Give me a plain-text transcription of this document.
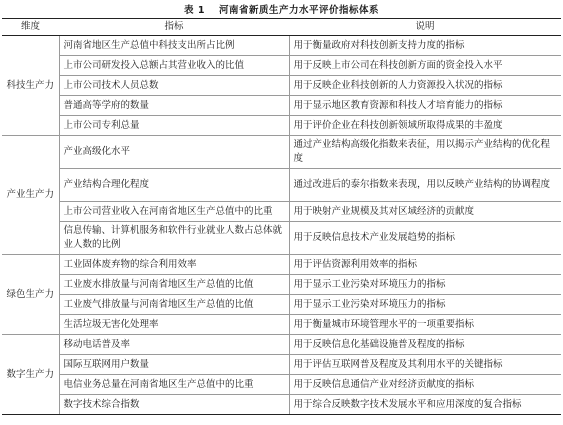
表 1 河南省新质生产力水平评价指标体系
维度	指标	说明
科技生产力	河南省地区生产总值中科技支出所占比例	用于衡量政府对科技创新支持力度的指标
	上市公司研发投入总额占其营业收入的比值	用于反映上市公司在科技创新方面的资金投入水平
	上市公司技术人员总数	用于反映企业科技创新的人力资源投入状况的指标
	普通高等学府的数量	用于显示地区教育资源和科技人才培育能力的指标
	上市公司专利总量	用于评价企业在科技创新领域所取得成果的丰盈度
产业生产力	产业高级化水平	通过产业结构高级化指数来表征，用以揭示产业结构的优化程度
	产业结构合理化程度	通过改进后的泰尔指数来表现，用以反映产业结构的协调程度
	上市公司营业收入在河南省地区生产总值中的比重	用于映射产业规模及其对区域经济的贡献度
	信息传输、计算机服务和软件行业就业人数占总体就业人数的比例	用于反映信息技术产业发展趋势的指标
绿色生产力	工业固体废弃物的综合利用效率	用于评估资源利用效率的指标
	工业废水排放量与河南省地区生产总值的比值	用于显示工业污染对环境压力的指标
	工业废气排放量与河南省地区生产总值的比值	用于显示工业污染对环境压力的指标
	生活垃圾无害化处理率	用于衡量城市环境管理水平的一项重要指标
数字生产力	移动电话普及率	用于反映信息化基础设施普及程度的指标
	国际互联网用户数量	用于评估互联网普及程度及其利用水平的关键指标
	电信业务总量在河南省地区生产总值中的比重	用于反映信息通信产业对经济贡献度的指标
	数字技术综合指数	用于综合反映数字技术发展水平和应用深度的复合指标
